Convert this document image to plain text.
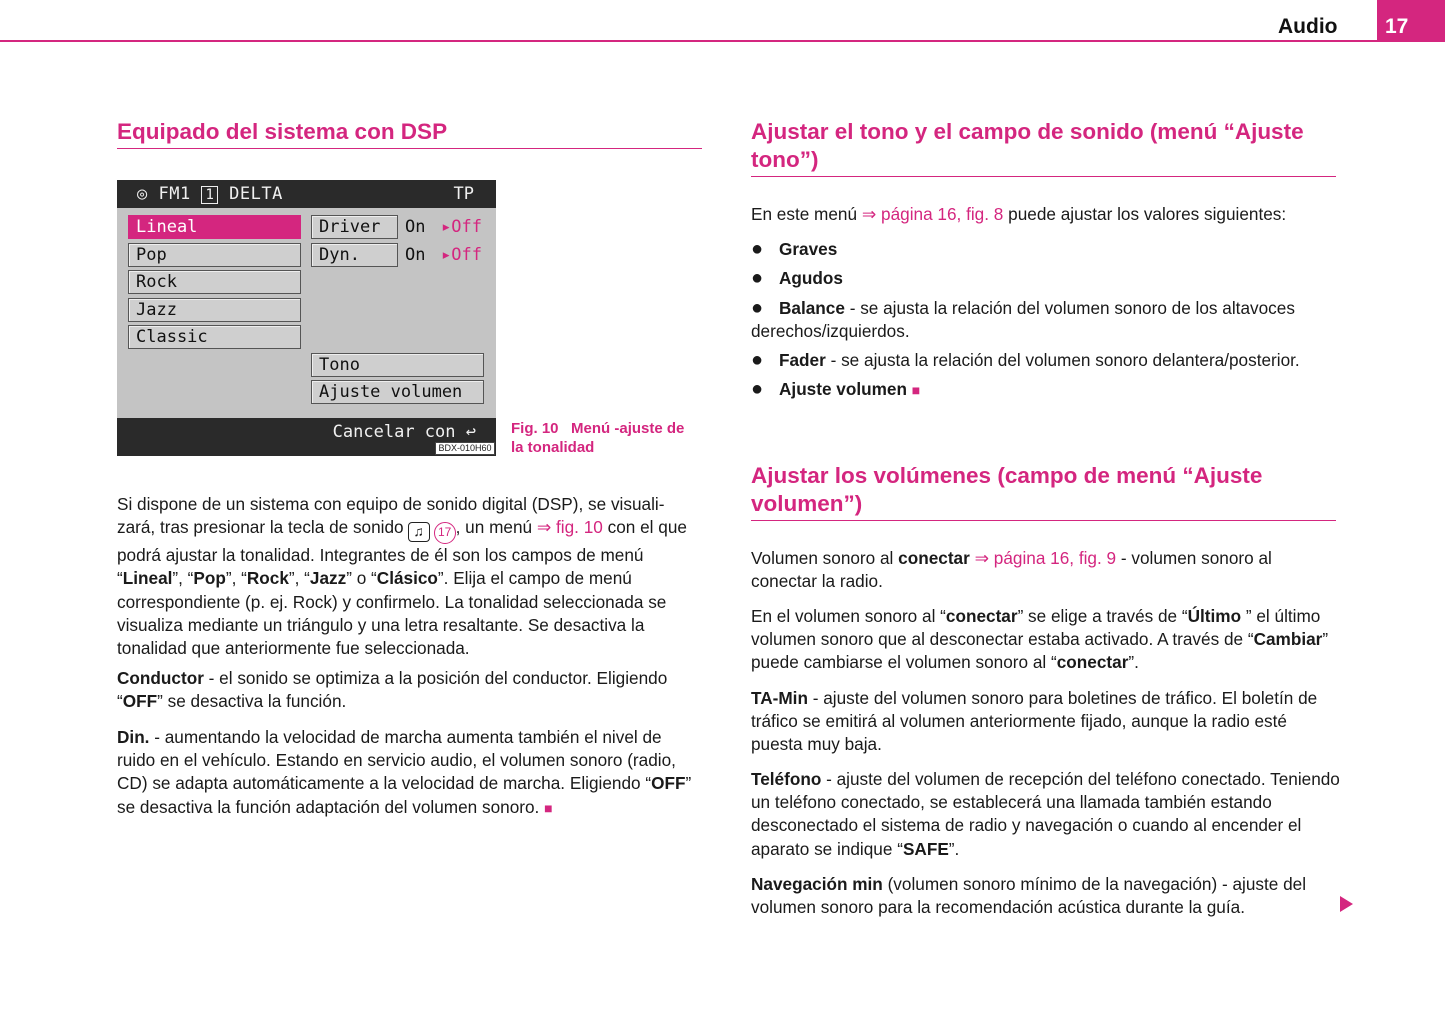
Audio	17
Equipado del sistema con DSP
◎ FM1 1 DELTA	TP
Lineal
Pop
Rock
Jazz
Classic
Driver	On ▸Off
Dyn.	On ▸Off
Tono
Ajuste volumen
Cancelar con ↩
BDX-010H60
Fig. 10 Menú -ajuste de la tonalidad
Si dispone de un sistema con equipo de sonido digital (DSP), se visuali-zará, tras presionar la tecla de sonido ♫ 17 , un menú ⇒ fig. 10 con el que podrá ajustar la tonalidad. Integrantes de él son los campos de menú “Lineal”, “Pop”, “Rock”, “Jazz” o “Clásico”. Elija el campo de menú correspondiente (p. ej. Rock) y confirmelo. La tonalidad seleccionada se visualiza mediante un triángulo y una letra resaltante. Se desactiva la tonalidad que anteriormente fue seleccionada.
Conductor - el sonido se optimiza a la posición del conductor. Eligiendo “OFF” se desactiva la función.
Din. - aumentando la velocidad de marcha aumenta también el nivel de ruido en el vehículo. Estando en servicio audio, el volumen sonoro (radio, CD) se adapta automáticamente a la velocidad de marcha. Eligiendo “OFF” se desactiva la función adaptación del volumen sonoro. ■
Ajustar el tono y el campo de sonido (menú “Ajuste
tono”)
En este menú ⇒ página 16, fig. 8 puede ajustar los valores siguientes:
● Graves
● Agudos
● Balance - se ajusta la relación del volumen sonoro de los altavoces
derechos/izquierdos.
● Fader - se ajusta la relación del volumen sonoro delantera/posterior.
● Ajuste volumen ■
Ajustar los volúmenes (campo de menú “Ajuste
volumen”)
Volumen sonoro al conectar ⇒ página 16, fig. 9 - volumen sonoro al conectar la radio.
En el volumen sonoro al “conectar” se elige a través de “Último ” el último volumen sonoro que al desconectar estaba activado. A través de “Cambiar” puede cambiarse el volumen sonoro al “conectar”.
TA-Min - ajuste del volumen sonoro para boletines de tráfico. El boletín de tráfico se emitirá al volumen anteriormente fijado, aunque la radio esté puesta muy baja.
Teléfono - ajuste del volumen de recepción del teléfono conectado. Teniendo un teléfono conectado, se establecerá una llamada también estando desconectado el sistema de radio y navegación o cuando al encender el aparato se indique “SAFE”.
Navegación min (volumen sonoro mínimo de la navegación) - ajuste del volumen sonoro para la recomendación acústica durante la guía.
